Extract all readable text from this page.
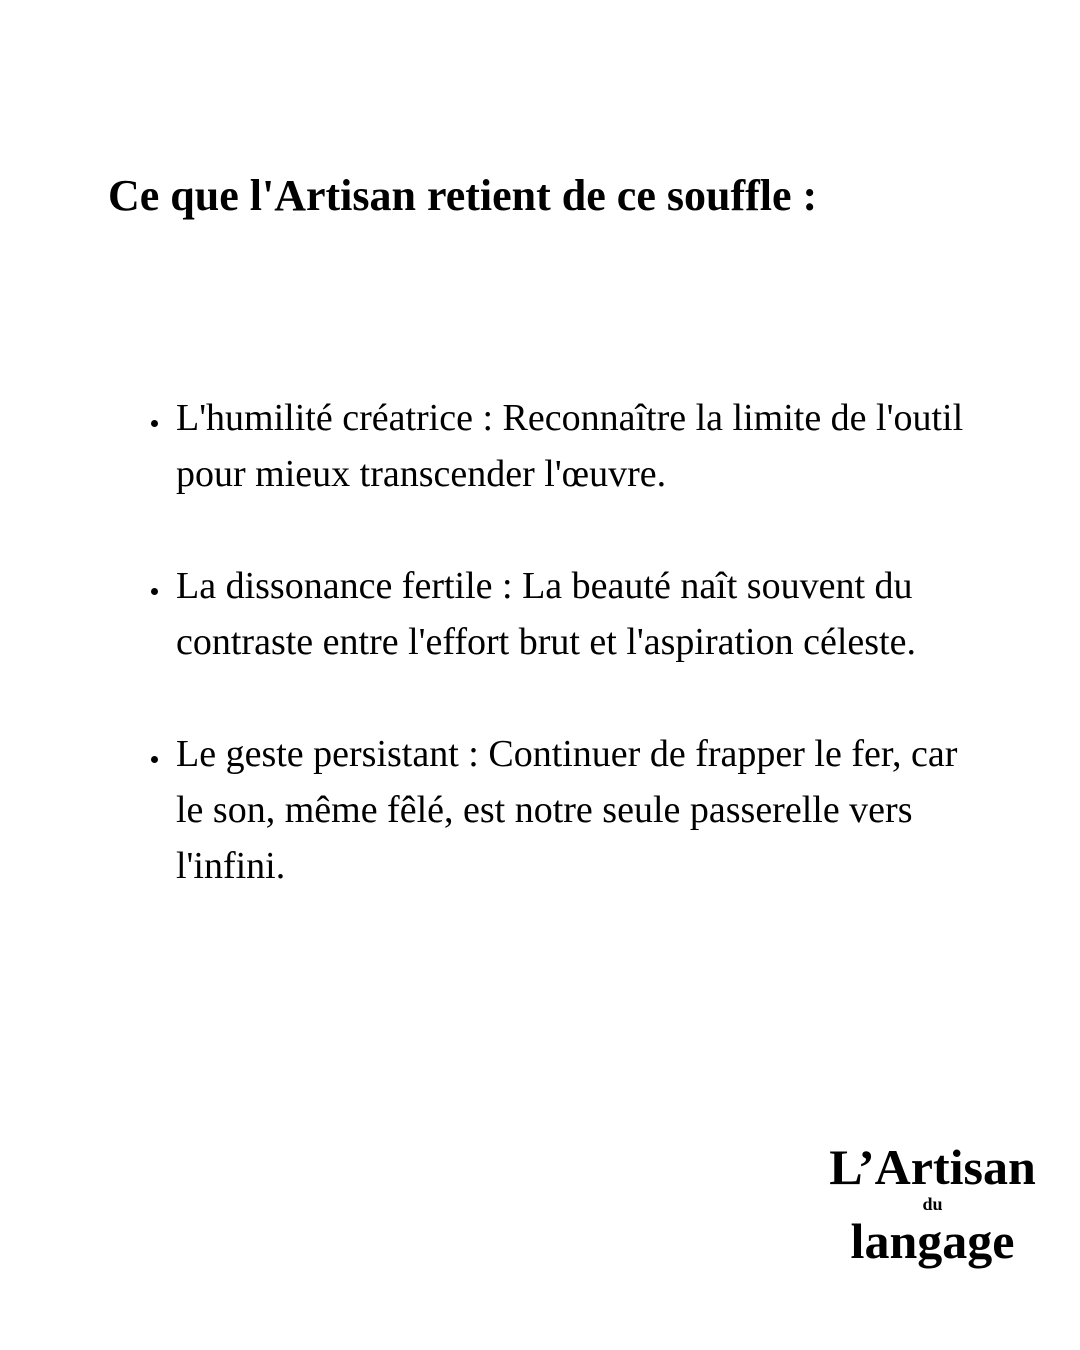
Ce que l'Artisan retient de ce souffle :
L'humilité créatrice : Reconnaître la limite de l'outil pour mieux transcender l'œuvre.
La dissonance fertile : La beauté naît souvent du contraste entre l'effort brut et l'aspiration céleste.
Le geste persistant : Continuer de frapper le fer, car le son, même fêlé, est notre seule passerelle vers l'infini.
L’Artisan
du
langage
